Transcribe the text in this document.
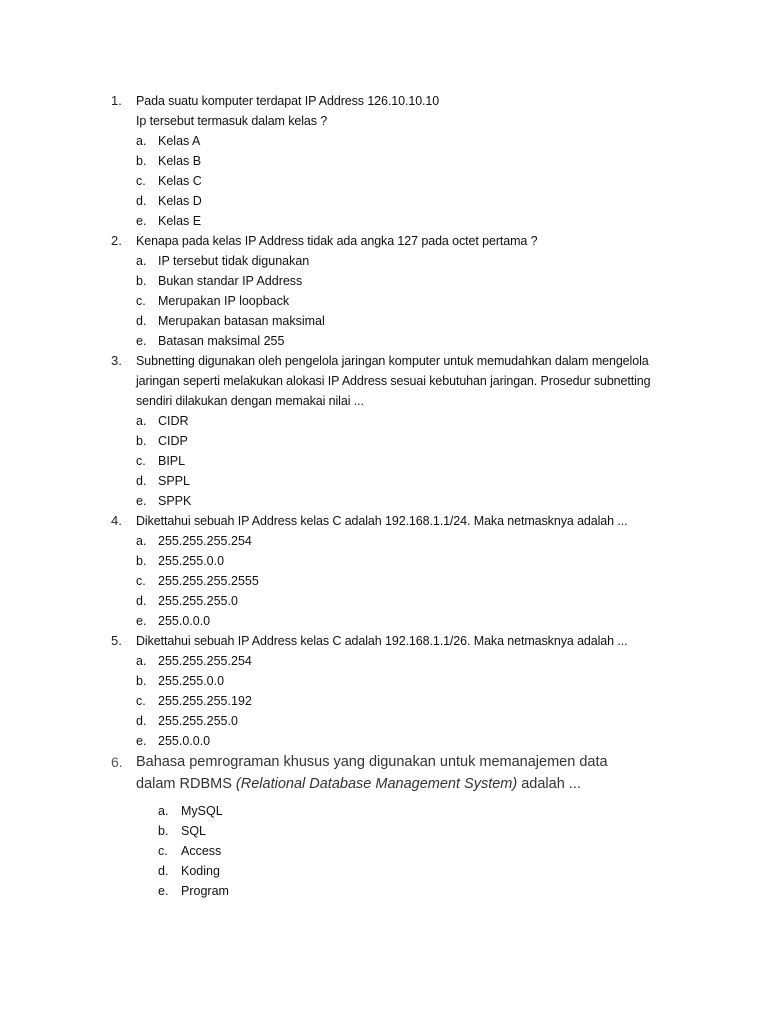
1.	Pada suatu komputer terdapat IP Address 126.10.10.10
Ip tersebut termasuk dalam kelas ?
a. Kelas A
b. Kelas B
c. Kelas C
d. Kelas D
e. Kelas E
2.	Kenapa pada kelas IP Address tidak ada angka 127 pada octet pertama ?
a. IP tersebut tidak digunakan
b. Bukan standar IP Address
c. Merupakan IP loopback
d. Merupakan batasan maksimal
e. Batasan maksimal 255
3.	Subnetting digunakan oleh pengelola jaringan komputer untuk memudahkan dalam mengelola
jaringan seperti melakukan alokasi IP Address sesuai kebutuhan jaringan. Prosedur subnetting
sendiri dilakukan dengan memakai nilai ...
a. CIDR
b. CIDP
c. BIPL
d. SPPL
e. SPPK
4.	Dikettahui sebuah IP Address kelas C adalah 192.168.1.1/24. Maka netmasknya adalah ...
a. 255.255.255.254
b. 255.255.0.0
c. 255.255.255.2555
d. 255.255.255.0
e. 255.0.0.0
5.	Dikettahui sebuah IP Address kelas C adalah 192.168.1.1/26. Maka netmasknya adalah ...
a. 255.255.255.254
b. 255.255.0.0
c. 255.255.255.192
d. 255.255.255.0
e. 255.0.0.0
6. Bahasa pemrograman khusus yang digunakan untuk memanajemen data
dalam RDBMS (Relational Database Management System) adalah ...
a.	MySQL
b.	SQL
c.	Access
d.	Koding
e.	Program
